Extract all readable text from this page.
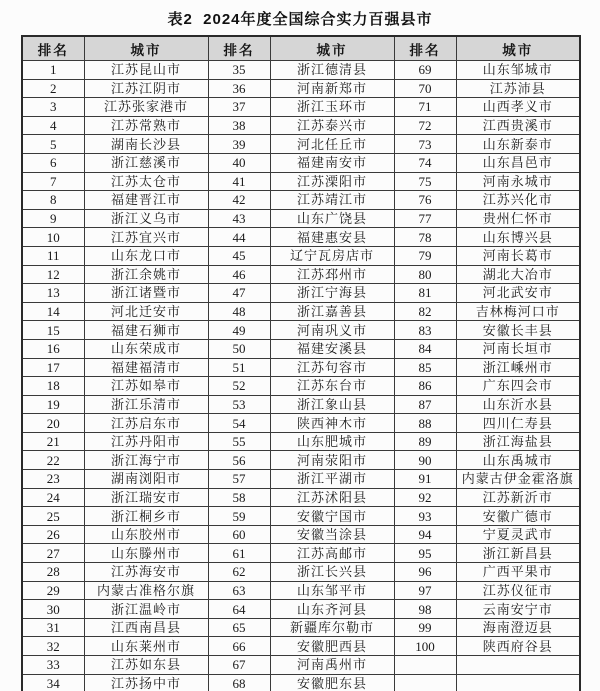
表2  2024年度全国综合实力百强县市
排名	城市	排名	城市	排名	城市
1	江苏昆山市	35	浙江德清县	69	山东邹城市
2	江苏江阴市	36	河南新郑市	70	江苏沛县
3	江苏张家港市	37	浙江玉环市	71	山西孝义市
4	江苏常熟市	38	江苏泰兴市	72	江西贵溪市
5	湖南长沙县	39	河北任丘市	73	山东新泰市
6	浙江慈溪市	40	福建南安市	74	山东昌邑市
7	江苏太仓市	41	江苏溧阳市	75	河南永城市
8	福建晋江市	42	江苏靖江市	76	江苏兴化市
9	浙江义乌市	43	山东广饶县	77	贵州仁怀市
10	江苏宜兴市	44	福建惠安县	78	山东博兴县
11	山东龙口市	45	辽宁瓦房店市	79	河南长葛市
12	浙江余姚市	46	江苏邳州市	80	湖北大冶市
13	浙江诸暨市	47	浙江宁海县	81	河北武安市
14	河北迁安市	48	浙江嘉善县	82	吉林梅河口市
15	福建石狮市	49	河南巩义市	83	安徽长丰县
16	山东荣成市	50	福建安溪县	84	河南长垣市
17	福建福清市	51	江苏句容市	85	浙江嵊州市
18	江苏如皋市	52	江苏东台市	86	广东四会市
19	浙江乐清市	53	浙江象山县	87	山东沂水县
20	江苏启东市	54	陕西神木市	88	四川仁寿县
21	江苏丹阳市	55	山东肥城市	89	浙江海盐县
22	浙江海宁市	56	河南荥阳市	90	山东禹城市
23	湖南浏阳市	57	浙江平湖市	91	内蒙古伊金霍洛旗
24	浙江瑞安市	58	江苏沭阳县	92	江苏新沂市
25	浙江桐乡市	59	安徽宁国市	93	安徽广德市
26	山东胶州市	60	安徽当涂县	94	宁夏灵武市
27	山东滕州市	61	江苏高邮市	95	浙江新昌县
28	江苏海安市	62	浙江长兴县	96	广西平果市
29	内蒙古准格尔旗	63	山东邹平市	97	江苏仪征市
30	浙江温岭市	64	山东齐河县	98	云南安宁市
31	江西南昌县	65	新疆库尔勒市	99	海南澄迈县
32	山东莱州市	66	安徽肥西县	100	陕西府谷县
33	江苏如东县	67	河南禹州市		
34	江苏扬中市	68	安徽肥东县		
